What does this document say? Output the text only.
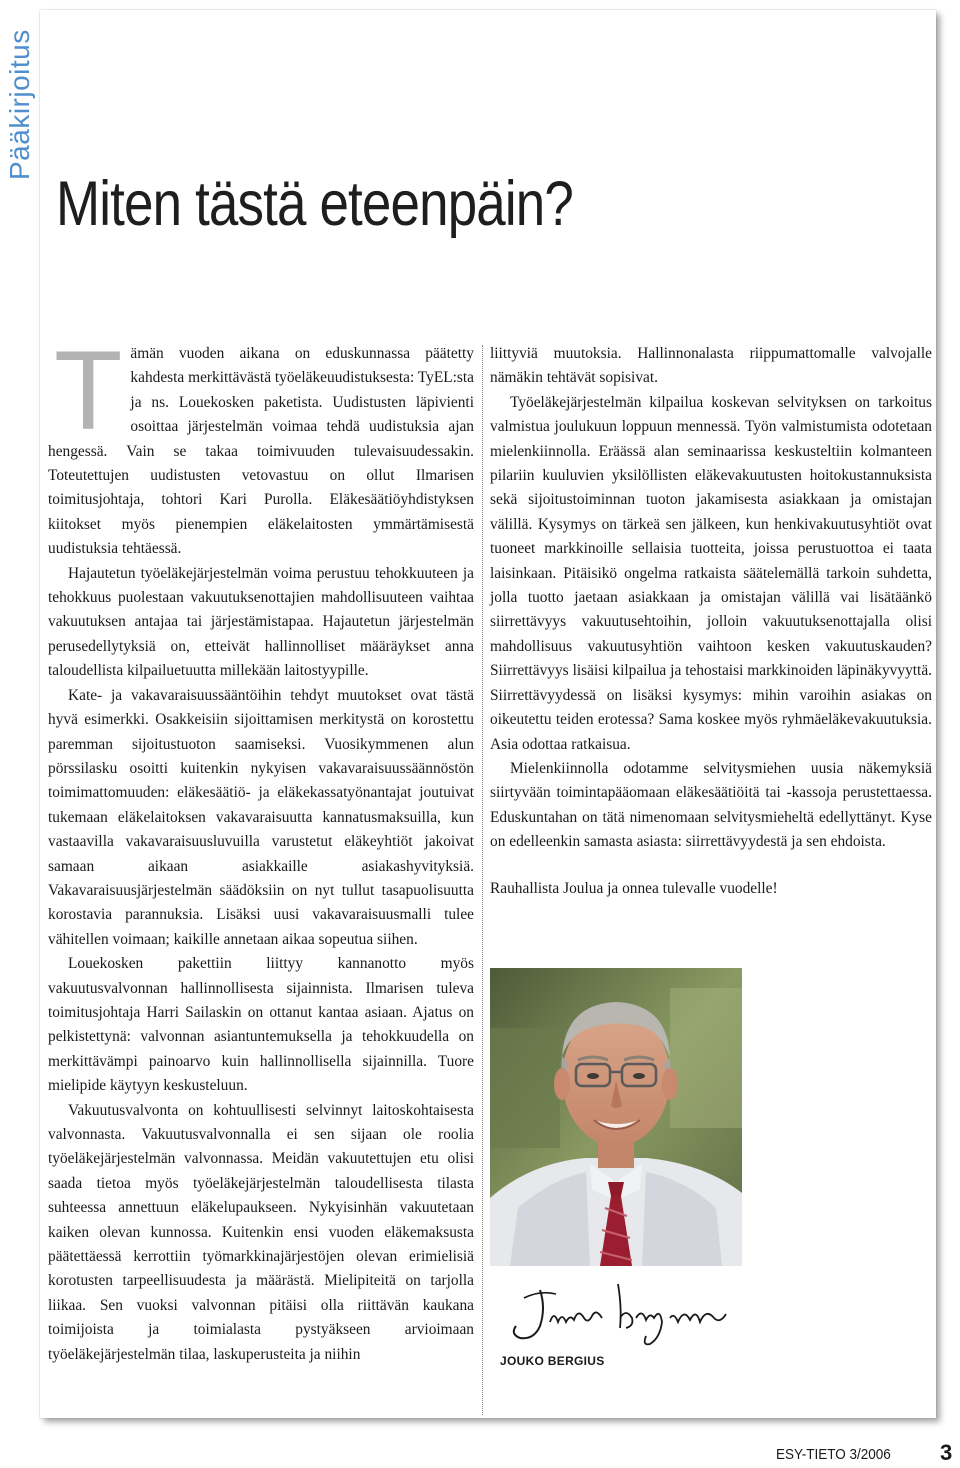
Pääkirjoitus
Miten tästä eteenpäin?
T ämän vuoden aikana on eduskunnassa päätetty kahdesta merkittävästä työeläkeuudistuksesta: TyEL:sta ja ns. Louekosken paketista. Uudistusten läpivienti osoittaa järjestelmän voimaa tehdä uudistuksia ajan hengessä. Vain se takaa toimivuuden tulevaisuudessakin. Toteutettujen uudistusten vetovastuu on ollut Ilmarisen toimitusjohtaja, tohtori Kari Purolla. Eläkesäätiöyhdistyksen kiitokset myös pienempien eläkelaitosten ymmärtämisestä uudistuksia tehtäessä.

Hajautetun työeläkejärjestelmän voima perustuu tehokkuuteen ja tehokkuus puolestaan vakuutuksenottajien mahdollisuuteen vaihtaa vakuutuksen antajaa tai järjestämistapaa. Hajautetun järjestelmän perusedellytyksiä on, etteivät hallinnolliset määräykset anna taloudellista kilpailuetuutta millekään laitostyypille.

Kate- ja vakavaraisuussääntöihin tehdyt muutokset ovat tästä hyvä esimerkki. Osakkeisiin sijoittamisen merkitystä on korostettu paremman sijoitustuoton saamiseksi. Vuosikymmenen alun pörssilasku osoitti kuitenkin nykyisen vakavaraisuussäännöstön toimimattomuuden: eläkesäätiö- ja eläkekassatyönantajat joutuivat tukemaan eläkelaitoksen vakavaraisuutta kannatusmaksuilla, kun vastaavilla vakavaraisuusluvuilla varustetut eläkeyhtiöt jakoivat samaan aikaan asiakkaille asiakashyvityksiä. Vakavaraisuusjärjestelmän säädöksiin on nyt tullut tasapuolisuutta korostavia parannuksia. Lisäksi uusi vakavaraisuusmalli tulee vähitellen voimaan; kaikille annetaan aikaa sopeutua siihen.

Louekosken pakettiin liittyy kannanotto myös vakuutusvalvonnan hallinnollisesta sijainnista. Ilmarisen tuleva toimitusjohtaja Harri Sailaskin on ottanut kantaa asiaan. Ajatus on pelkistettynä: valvonnan asiantuntemuksella ja tehokkuudella on merkittävämpi painoarvo kuin hallinnollisella sijainnilla. Tuore mielipide käytyyn keskusteluun.

Vakuutusvalvonta on kohtuullisesti selvinnyt laitoskohtaisesta valvonnasta. Vakuutusvalvonnalla ei sen sijaan ole roolia työeläkejärjestelmän valvonnassa. Meidän vakuutettujen etu olisi saada tietoa myös työeläkejärjestelmän taloudellisesta tilasta suhteessa annettuun eläkelupaukseen. Nykyisinhän vakuutetaan kaiken olevan kunnossa. Kuitenkin ensi vuoden eläkemaksusta päätettäessä kerrottiin työmarkkinajärjestöjen olevan erimielisiä korotusten tarpeellisuudesta ja määrästä. Mielipiteitä on tarjolla liikaa. Sen vuoksi valvonnan pitäisi olla riittävän kaukana toimijoista ja toimialasta pystyäkseen arvioimaan työeläkejärjestelmän tilaa, laskuperusteita ja niihin

liittyviä muutoksia. Hallinnonalasta riippumattomalle valvojalle nämäkin tehtävät sopisivat.

Työeläkejärjestelmän kilpailua koskevan selvityksen on tarkoitus valmistua joulukuun loppuun mennessä. Työn valmistumista odotetaan mielenkiinnolla. Eräässä alan seminaarissa keskusteltiin kolmanteen pilariin kuuluvien yksilöllisten eläkevakuutusten hoitokustannuksista sekä sijoitustoiminnan tuoton jakamisesta asiakkaan ja omistajan välillä. Kysymys on tärkeä sen jälkeen, kun henkivakuutusyhtiöt ovat tuoneet markkinoille sellaisia tuotteita, joissa perustuottoa ei taata laisinkaan. Pitäisikö ongelma ratkaista säätelemällä tarkoin suhdetta, jolla tuotto jaetaan asiakkaan ja omistajan välillä vai lisätäänkö siirrettävyys vakuutusehtoihin, jolloin vakuutuksenottajalla olisi mahdollisuus vakuutusyhtiön vaihtoon kesken vakuutuskauden? Siirrettävyys lisäisi kilpailua ja tehostaisi markkinoiden läpinäkyvyyttä. Siirrettävyydessä on lisäksi kysymys: mihin varoihin asiakas on oikeutettu teiden erotessa? Sama koskee myös ryhmäeläkevakuutuksia. Asia odottaa ratkaisua.

Mielenkiinnolla odotamme selvitysmiehen uusia näkemyksiä siirtyvään toimintapääomaan eläkesäätiöitä tai -kassoja perustettaessa. Eduskuntahan on tätä nimenomaan selvitysmieheltä edellyttänyt. Kyse on edelleenkin samasta asiasta: siirrettävyydestä ja sen ehdoista.

Rauhallista Joulua ja onnea tulevalle vuodelle!

JOUKO BERGIUS
ESY-TIETO 3/2006 3
